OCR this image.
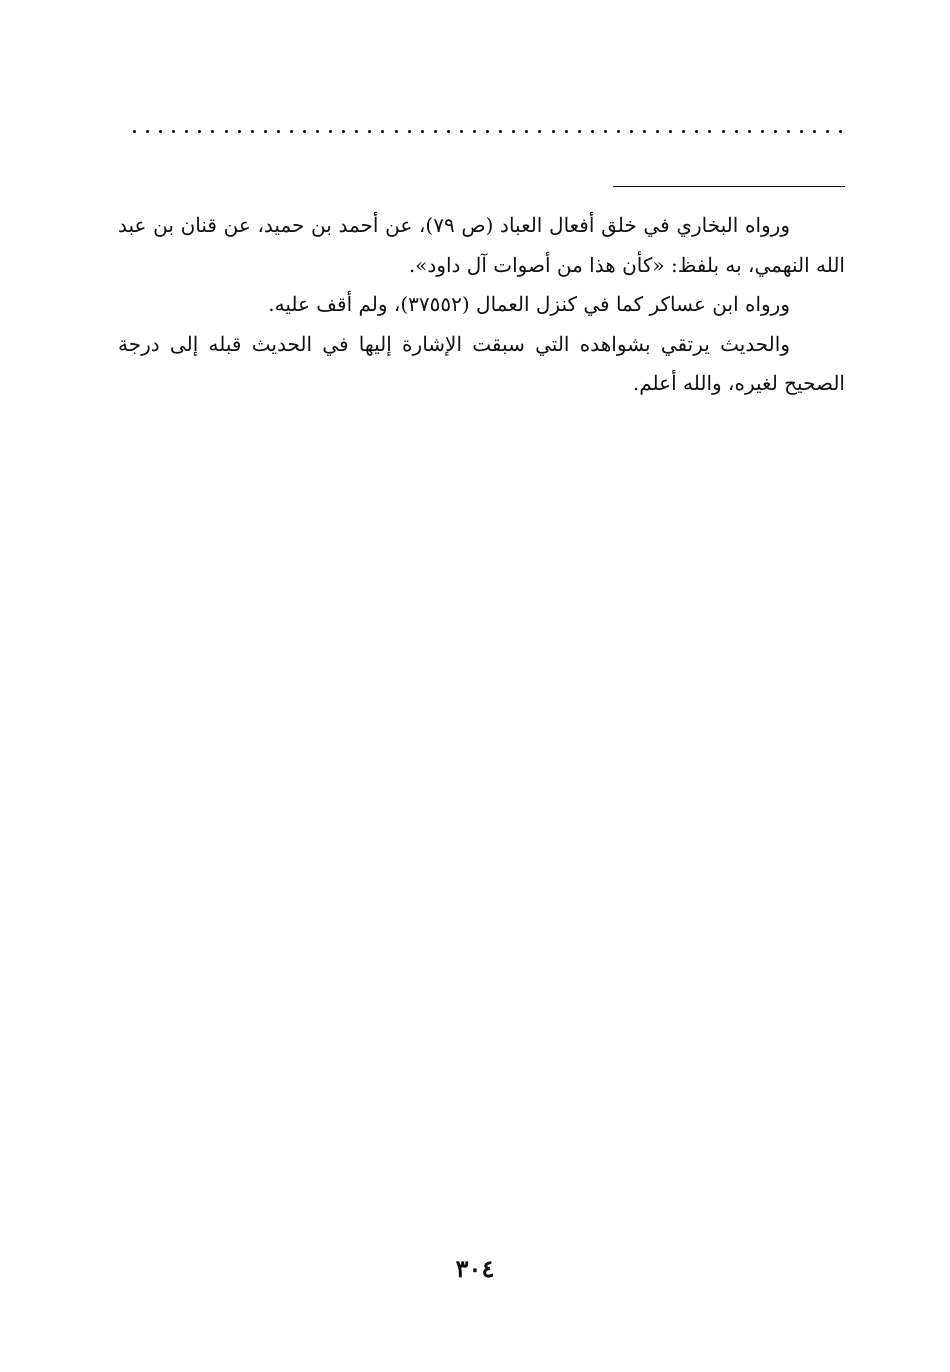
ورواه البخاري في خلق أفعال العباد (ص ٧٩)، عن أحمد بن حميد، عن قنان بن عبد الله النهمي، به بلفظ: «كأن هذا من أصوات آل داود».

ورواه ابن عساكر كما في كنزل العمال (٣٧٥٥٢)، ولم أقف عليه.

والحديث يرتقي بشواهده التي سبقت الإشارة إليها في الحديث قبله إلى درجة الصحيح لغيره، والله أعلم.

٣٠٤
